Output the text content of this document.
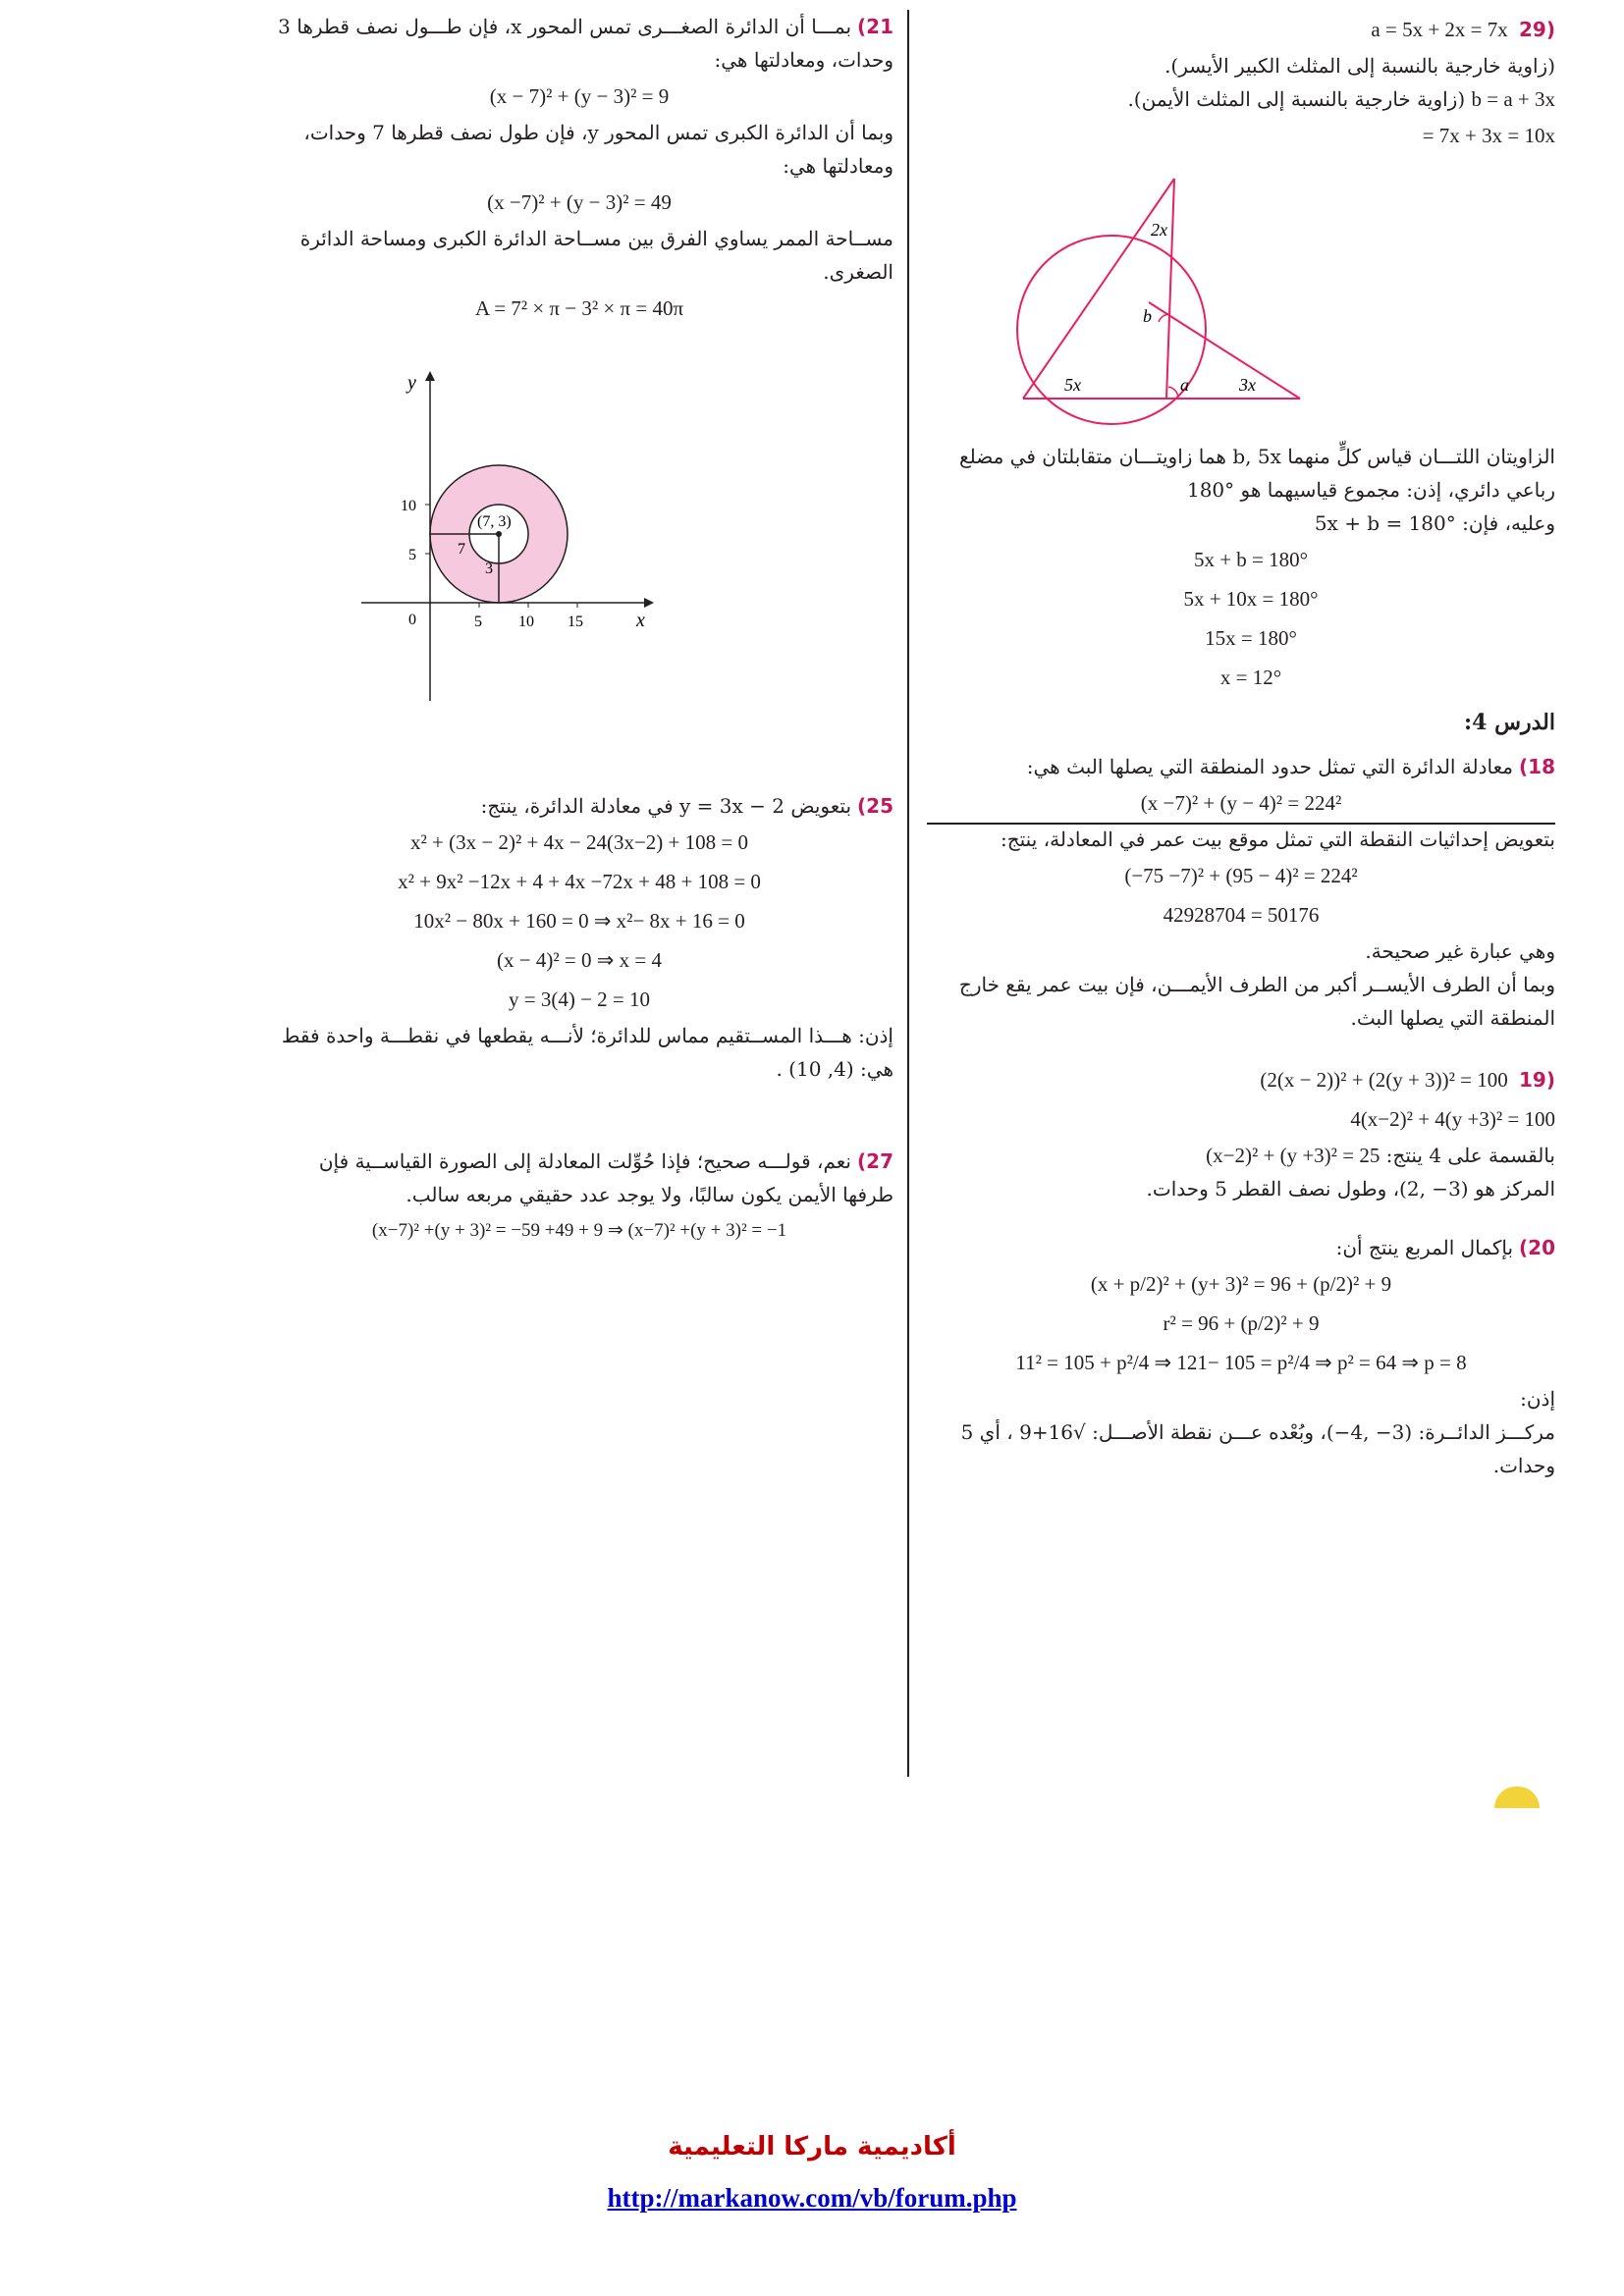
a = 5x + 2x = 7x 29)

(زاوية خارجية بالنسبة إلى المثلث الكبير الأيسر).

b = a + 3x (زاوية خارجية بالنسبة إلى المثلث الأيمن).

= 7x + 3x = 10x

2x
b
5x	a	3x

الزاويتان اللتـــان قياس كلٍّ منهما b, 5x هما زاويتـــان متقابلتان في مضلع رباعي دائري، إذن: مجموع قياسيهما هو °180

وعليه، فإن: 5x + b = 180°

5x + b = 180°

5x + 10x = 180°

15x = 180°

x = 12°

الدرس 4:

18)معادلة الدائرة التي تمثل حدود المنطقة التي يصلها البث هي:

(x −7)² + (y − 4)² = 224²

بتعويض إحداثيات النقطة التي تمثل موقع بيت عمر في المعادلة، ينتج:

(−75 −7)² + (95 − 4)² = 224²

42928704 = 50176

وهي عبارة غير صحيحة.

وبما أن الطرف الأيســر أكبر من الطرف الأيمـــن، فإن بيت عمر يقع خارج المنطقة التي يصلها البث.

(2(x − 2))² + (2(y + 3))² = 100 19)

4(x−2)² + 4(y +3)² = 100

بالقسمة على 4 ينتج: (x−2)² + (y +3)² = 25

المركز هو (3− ,2)، وطول نصف القطر 5 وحدات.

20)بإكمال المربع ينتج أن:

(x + p/2)² + (y+ 3)² = 96 + (p/2)² + 9

r² = 96 + (p/2)² + 9

11² = 105 + p²/4 ⇒ 121− 105 = p²/4 ⇒ p² = 64 ⇒ p = 8

إذن:

مركـــز الدائــرة: (3− ,4−)، وبُعْده عـــن نقطة الأصـــل: √16+9 ، أي 5 وحدات.

21)بمـــا أن الدائرة الصغـــرى تمس المحور x، فإن طـــول نصف قطرها 3 وحدات، ومعادلتها هي:

(x − 7)² + (y − 3)² = 9

وبما أن الدائرة الكبرى تمس المحور y، فإن طول نصف قطرها 7 وحدات، ومعادلتها هي:

(x −7)² + (y − 3)² = 49

مســاحة الممر يساوي الفرق بين مســاحة الدائرة الكبرى ومساحة الدائرة الصغرى.

A = 7² × π − 3² × π = 40π

y
x
10
5
0	5 10 15
(7, 3)
7
3

25)بتعويض y = 3x − 2 في معادلة الدائرة، ينتج:

x² + (3x − 2)² + 4x − 24(3x−2) + 108 = 0

x² + 9x² −12x + 4 + 4x −72x + 48 + 108 = 0

10x² − 80x + 160 = 0 ⇒ x²− 8x + 16 = 0

(x − 4)² = 0 ⇒ x = 4

y = 3(4) − 2 = 10

إذن: هـــذا المســتقيم مماس للدائرة؛ لأنـــه يقطعها في نقطـــة واحدة فقط هي: (4, 10) .

27)نعم، قولـــه صحيح؛ فإذا حُوِّلت المعادلة إلى الصورة القياســية فإن طرفها الأيمن يكون سالبًا، ولا يوجد عدد حقيقي مربعه سالب.

(x−7)² +(y + 3)² = −59 +49 + 9 ⇒ (x−7)² +(y + 3)² = −1

أكاديمية ماركا التعليمية
http://markanow.com/vb/forum.php
